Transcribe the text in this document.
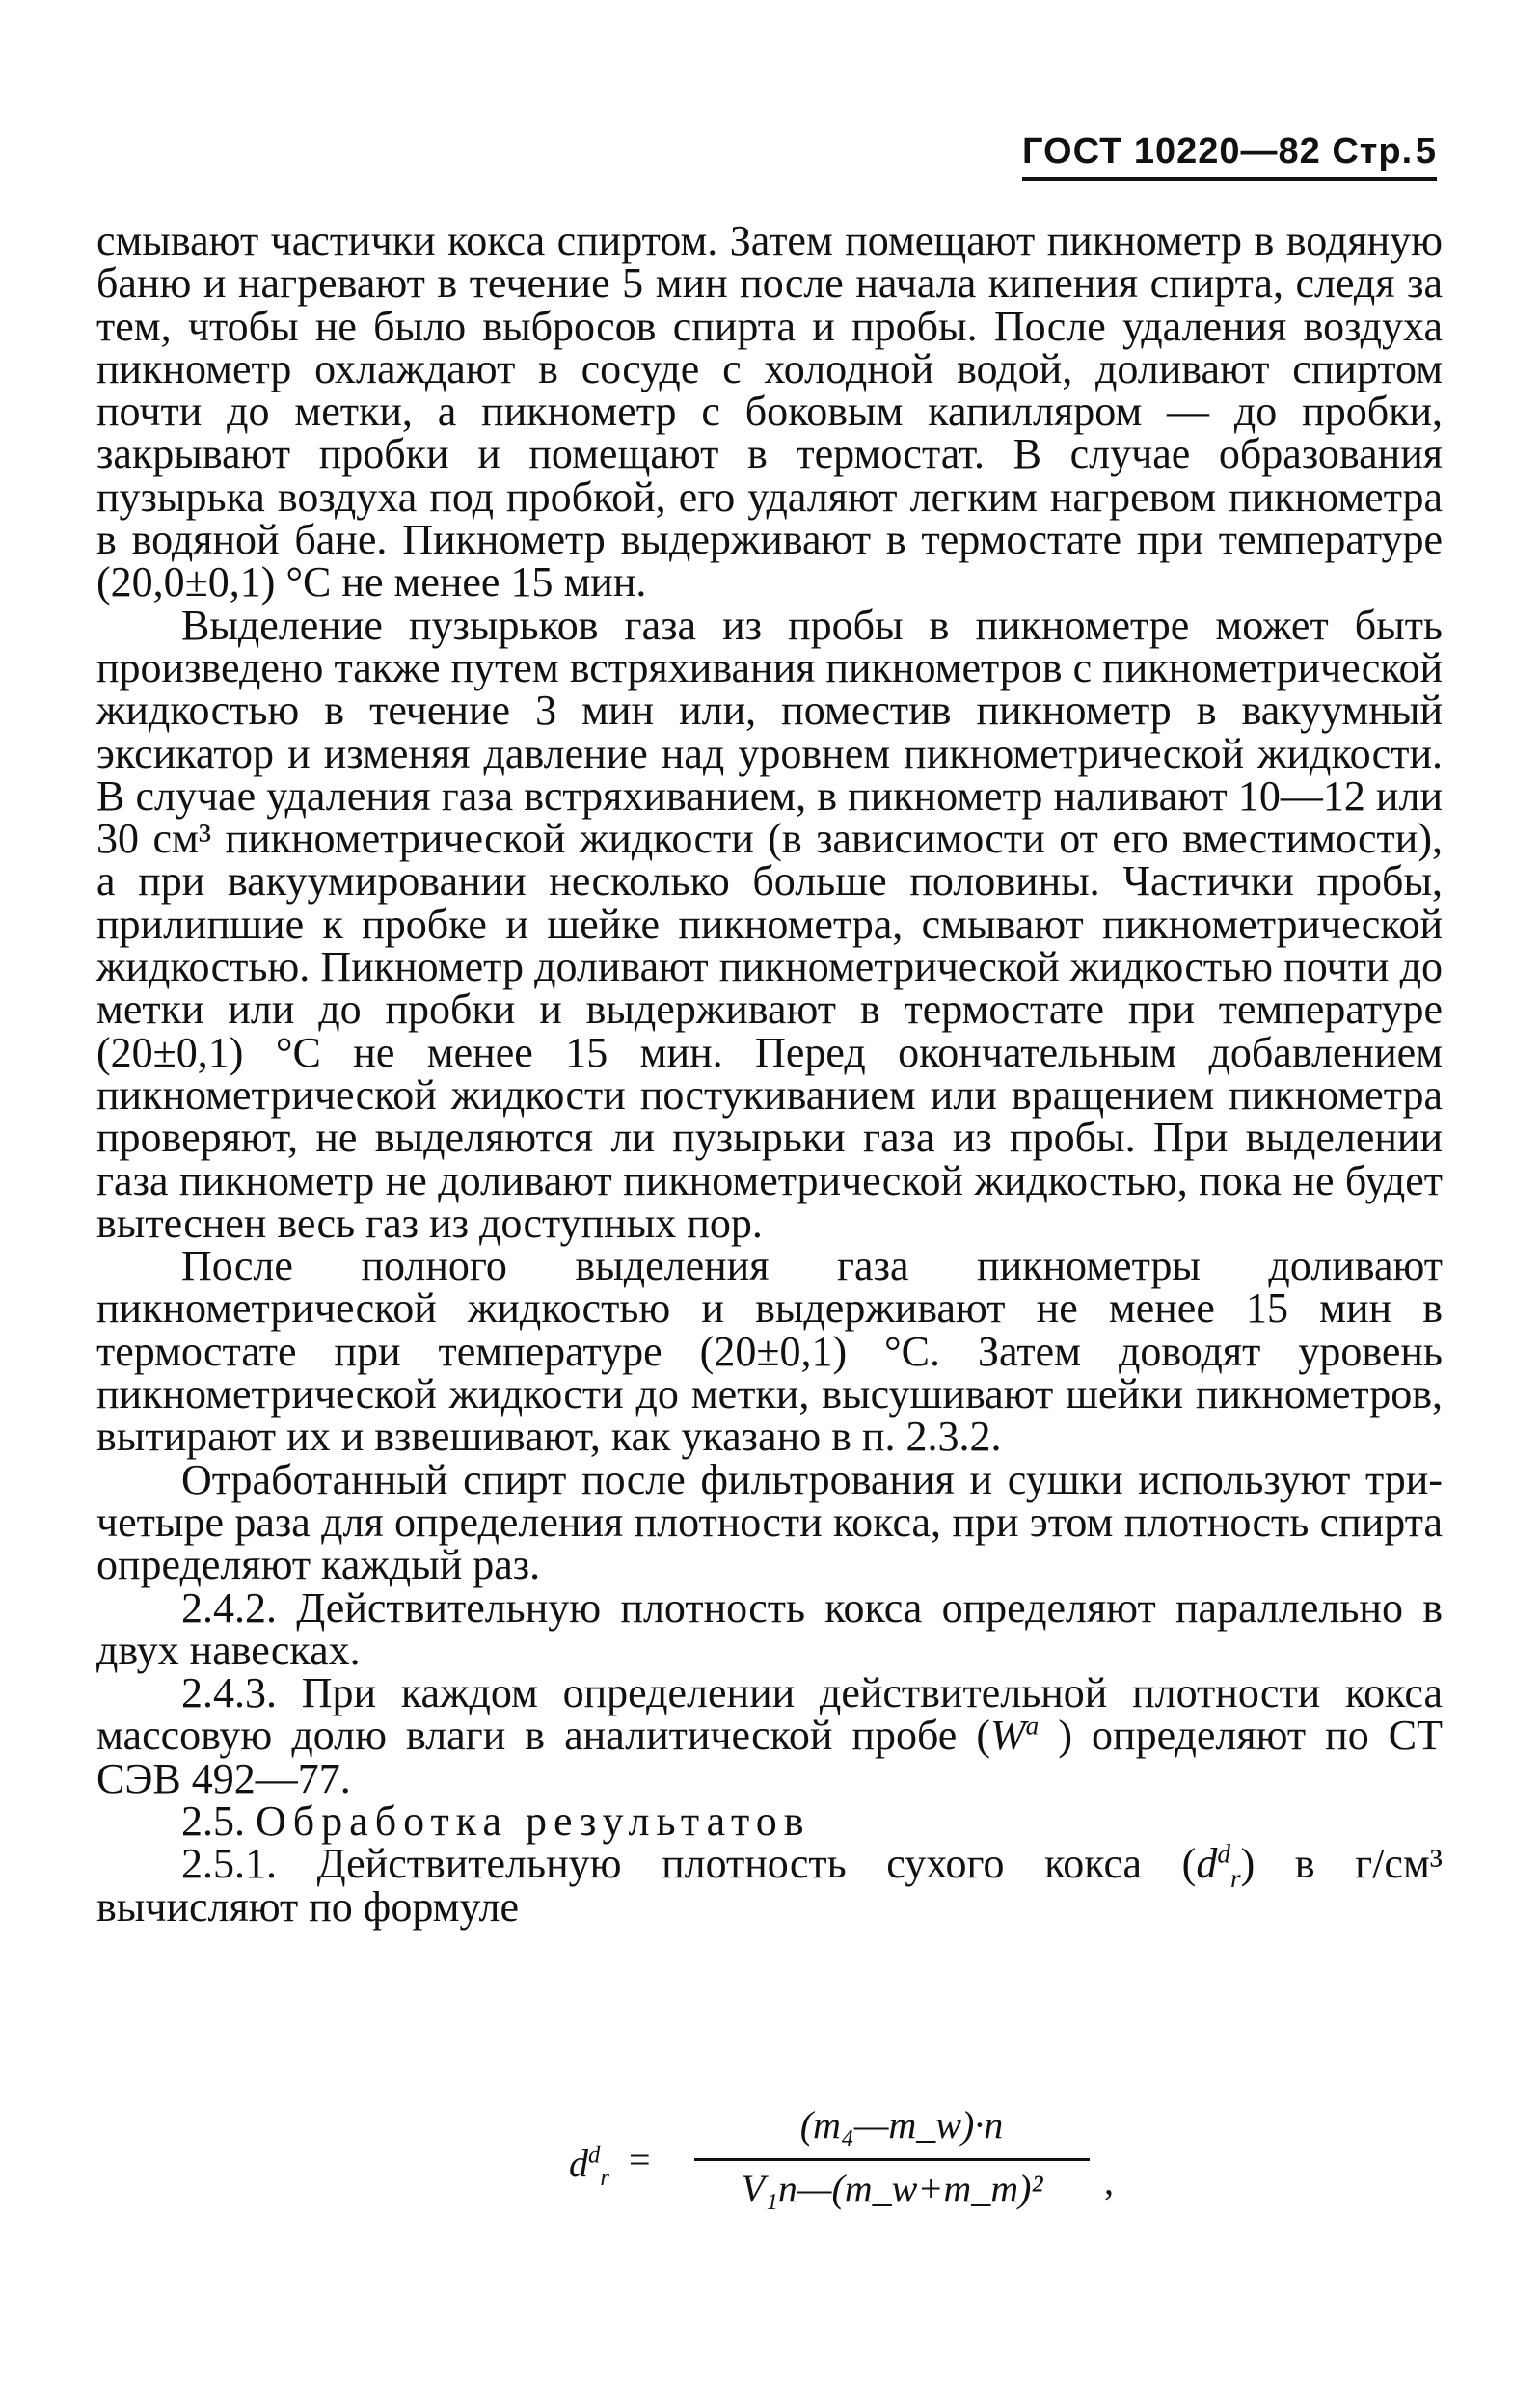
ГОСТ 10220—82 Стр. 5

смывают частички кокса спиртом. Затем помещают пикнометр в водяную баню и нагревают в течение 5 мин после начала кипения спирта, следя за тем, чтобы не было выбросов спирта и пробы. После удаления воздуха пикнометр охлаждают в сосуде с холодной водой, доливают спиртом почти до метки, а пикнометр с боковым капилляром — до пробки, закрывают пробки и помещают в термостат. В случае образования пузырька воздуха под пробкой, его удаляют легким нагревом пикнометра в водяной бане. Пикнометр выдерживают в термостате при температуре (20,0±0,1) °С не менее 15 мин.

Выделение пузырьков газа из пробы в пикнометре может быть произведено также путем встряхивания пикнометров с пикнометрической жидкостью в течение 3 мин или, поместив пикнометр в вакуумный эксикатор и изменяя давление над уровнем пикнометрической жидкости. В случае удаления газа встряхиванием, в пикнометр наливают 10—12 или 30 см³ пикнометрической жидкости (в зависимости от его вместимости), а при вакуумировании несколько больше половины. Частички пробы, прилипшие к пробке и шейке пикнометра, смывают пикнометрической жидкостью. Пикнометр доливают пикнометрической жидкостью почти до метки или до пробки и выдерживают в термостате при температуре (20±0,1) °С не менее 15 мин. Перед окончательным добавлением пикнометрической жидкости постукиванием или вращением пикнометра проверяют, не выделяются ли пузырьки газа из пробы. При выделении газа пикнометр не доливают пикнометрической жидкостью, пока не будет вытеснен весь газ из доступных пор.

После полного выделения газа пикнометры доливают пикнометрической жидкостью и выдерживают не менее 15 мин в термостате при температуре (20±0,1) °С. Затем доводят уровень пикнометрической жидкости до метки, высушивают шейки пикнометров, вытирают их и взвешивают, как указано в п. 2.3.2.

Отработанный спирт после фильтрования и сушки используют три-четыре раза для определения плотности кокса, при этом плотность спирта определяют каждый раз.

2.4.2. Действительную плотность кокса определяют параллельно в двух навесках.

2.4.3. При каждом определении действительной плотности кокса массовую долю влаги в аналитической пробе ($W^a$ ) определяют по СТ СЭВ 492—77.

2.5. Обработка результатов

2.5.1. Действительную плотность сухого кокса $(d^d_r)$ в г/см³ вычисляют по формуле

$d^d_r$ =
(m₄—m_w)·n
V₁n—(m_w+m_m)²	,
